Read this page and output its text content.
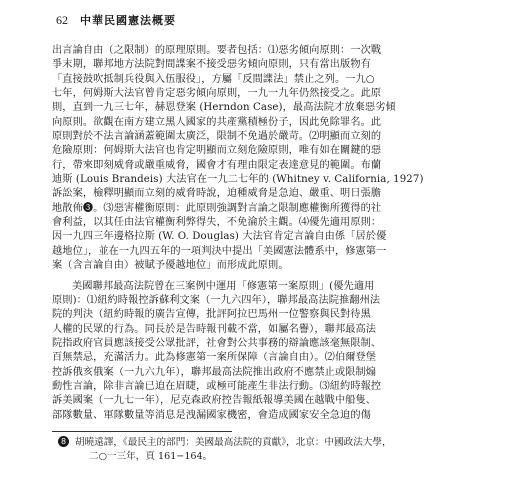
62 中華民國憲法概要
出言論自由（之限制）的原理原則。要者包括：⑴惡劣傾向原則：一次戰
爭末期，聯邦地方法院對間諜案不接受惡劣傾向原則，只有當出版物有
「直接鼓吹抵制兵役與入伍服役」，方屬「反間諜法」禁止之列。一九○
七年，何姆斯大法官曾肯定惡劣傾向原則，一九一九年仍然接受之。此原
則，直到一九三七年，赫恩登案 (Herndon Case)，最高法院才放棄惡劣傾
向原則。欲觀在南方建立黑人國家的共產黨積極份子，因此免除罪名。此
原則對於不法言論涵蓋範圍太廣泛，限制不免過於嚴苛。⑵明顯而立刻的
危險原則：何姆斯大法官也肯定明顯而立刻危險原則，唯有如在關鍵的惡
行，帶來即刻威脅或嚴重威脅，國會才有理由限定表達意見的範圍。布蘭
迪斯 (Louis Brandeis) 大法官在一九二七年的 (Whitney v. California, 1927)
訴訟案，檢釋明顯而立刻的威脅時說，迫種威脅是急迫、嚴重、明日張膽
地散佈❸。⑶惡害權衡原則：此原則強調對言論之限制應權衡所獲得的社
會利益，以其任由法官權衡利弊得失，不免淪於主觀。⑷優先適用原則：
因一九四三年邊格拉斯 (W. O. Douglas) 大法官肯定言論自由係「居於優
越地位」，並在一九四五年的一項判決中提出「美國憲法體系中，修憲第一
案（含言論自由）被賦予優越地位」而形成此原則。
美國聯邦最高法院曾在三案例中運用「修憲第一案原則」(優先適用
原則)：⑴紐約時報控訴蘇利文案（一九六四年），聯邦最高法院推翻州法
院的判決（紐約時報的廣告宣傳，批評阿拉巴馬州一位警察與民對待黑
人權的民眾的行為。同長於是告時報刊載不當，如屬名譽），聯邦最高法
院指政府官員應該接受公眾批評，社會對公共事務的辯論應該毫無限制、
百無禁忌，充滿活力。此為修憲第一案所保障（言論自由）。⑵伯爾登堡
控訴俄亥俄案（一九六九年），聯邦最高法院推出政府不應禁止或限制煽
動性言論，除非言論已迫在眉睫，或極可能產生非法行動。⑶紐約時報控
訴美國案（一九七一年），尼克森政府控告報紙報導美國在越戰中船隻、
部隊數量、軍隊數量等消息是洩漏國家機密，會造成國家安全急迫的傷
8 胡曉遠譯，《最民主的部門：美國最高法院的貢獻》，北京：中國政法大學，
二○一三年，頁 161−164。
